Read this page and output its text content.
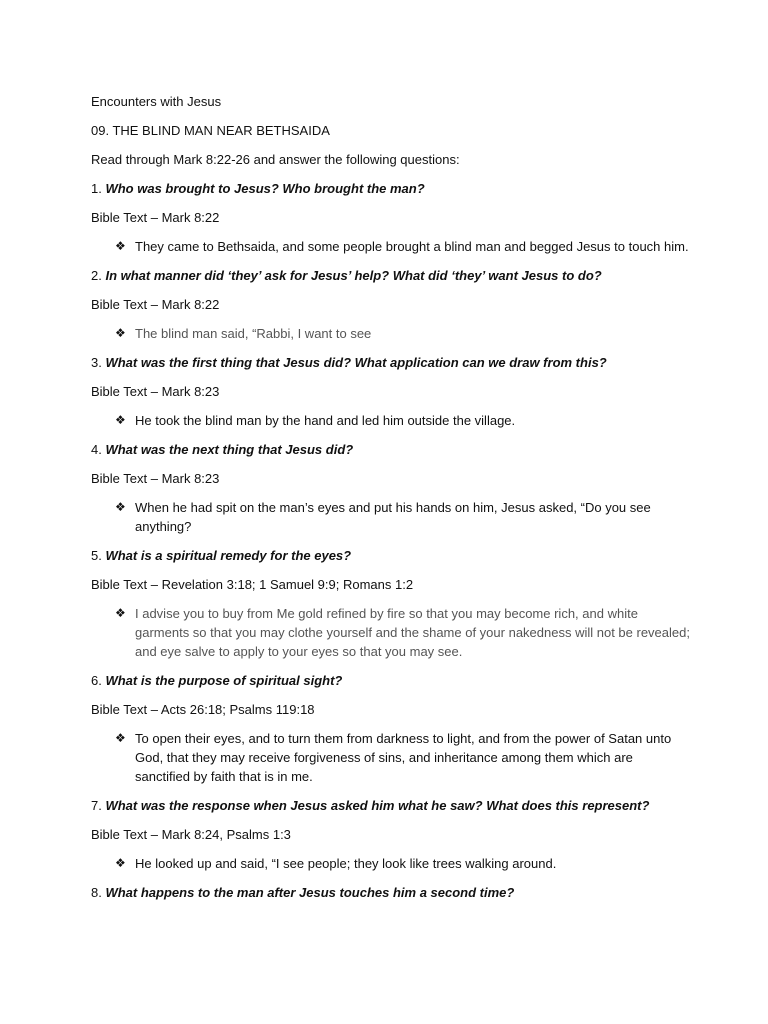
Encounters with Jesus

09. THE BLIND MAN NEAR BETHSAIDA

Read through Mark 8:22-26 and answer the following questions:

1. Who was brought to Jesus? Who brought the man?

Bible Text – Mark 8:22

❖ They came to Bethsaida, and some people brought a blind man and begged Jesus to touch him.

2. In what manner did ‘they’ ask for Jesus’ help? What did ‘they’ want Jesus to do?

Bible Text – Mark 8:22

❖ The blind man said, “Rabbi, I want to see

3. What was the first thing that Jesus did? What application can we draw from this?

Bible Text – Mark 8:23

❖ He took the blind man by the hand and led him outside the village.

4. What was the next thing that Jesus did?

Bible Text – Mark 8:23

❖ When he had spit on the man’s eyes and put his hands on him, Jesus asked, “Do you see anything?

5. What is a spiritual remedy for the eyes?

Bible Text – Revelation 3:18; 1 Samuel 9:9; Romans 1:2

❖ I advise you to buy from Me gold refined by fire so that you may become rich, and white garments so that you may clothe yourself and the shame of your nakedness will not be revealed; and eye salve to apply to your eyes so that you may see.

6. What is the purpose of spiritual sight?

Bible Text – Acts 26:18; Psalms 119:18

❖ To open their eyes, and to turn them from darkness to light, and from the power of Satan unto God, that they may receive forgiveness of sins, and inheritance among them which are sanctified by faith that is in me.

7. What was the response when Jesus asked him what he saw? What does this represent?

Bible Text – Mark 8:24, Psalms 1:3

❖ He looked up and said, “I see people; they look like trees walking around.

8. What happens to the man after Jesus touches him a second time?
